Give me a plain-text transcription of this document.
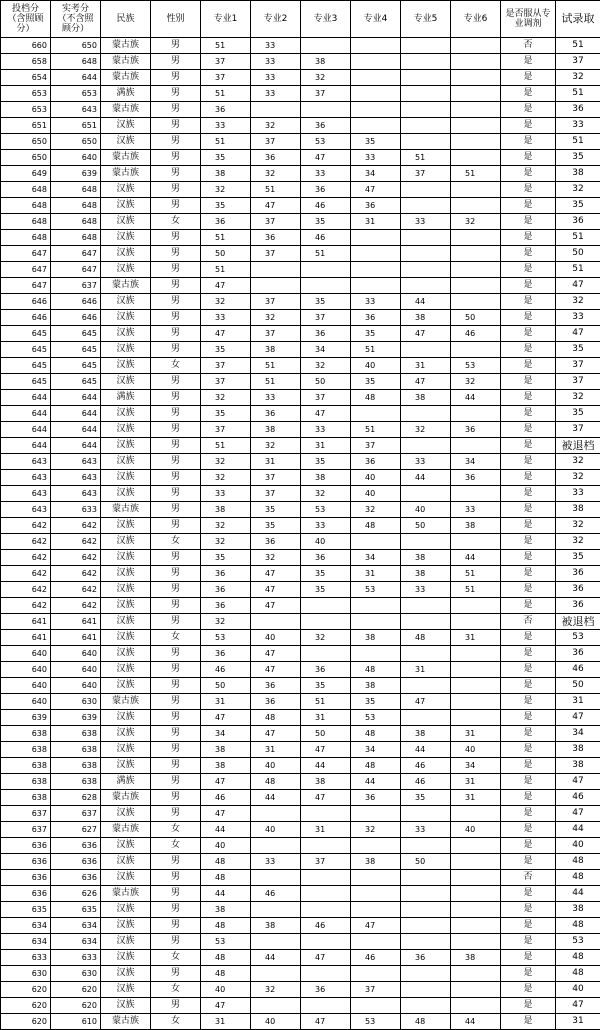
投档分（含照顾分）	实考分（不含照顾分）	民族	性别	专业1	专业2	专业3	专业4	专业5	专业6	是否服从专业调剂	试录取
660	650	蒙古族	男	51	33					否	51
658	648	蒙古族	男	37	33	38				是	37
654	644	蒙古族	男	37	33	32				是	32
653	653	满族	男	51	33	37				是	51
653	643	蒙古族	男	36						是	36
651	651	汉族	男	33	32	36				是	33
650	650	汉族	男	51	37	53	35			是	51
650	640	蒙古族	男	35	36	47	33	51		是	35
649	639	蒙古族	男	38	32	33	34	37	51	是	38
648	648	汉族	男	32	51	36	47			是	32
648	648	汉族	男	35	47	46	36			是	35
648	648	汉族	女	36	37	35	31	33	32	是	36
648	648	汉族	男	51	36	46				是	51
647	647	汉族	男	50	37	51				是	50
647	647	汉族	男	51						是	51
647	637	蒙古族	男	47						是	47
646	646	汉族	男	32	37	35	33	44		是	32
646	646	汉族	男	33	32	37	36	38	50	是	33
645	645	汉族	男	47	37	36	35	47	46	是	47
645	645	汉族	男	35	38	34	51			是	35
645	645	汉族	女	37	51	32	40	31	53	是	37
645	645	汉族	男	37	51	50	35	47	32	是	37
644	644	满族	男	32	33	37	48	38	44	是	32
644	644	汉族	男	35	36	47				是	35
644	644	汉族	男	37	38	33	51	32	36	是	37
644	644	汉族	男	51	32	31	37			是	被退档
643	643	汉族	男	32	31	35	36	33	34	是	32
643	643	汉族	男	32	37	38	40	44	36	是	32
643	643	汉族	男	33	37	32	40			是	33
643	633	蒙古族	男	38	35	53	32	40	33	是	38
642	642	汉族	男	32	35	33	48	50	38	是	32
642	642	汉族	女	32	36	40				是	32
642	642	汉族	男	35	32	36	34	38	44	是	35
642	642	汉族	男	36	47	35	31	38	51	是	36
642	642	汉族	男	36	47	35	53	33	51	是	36
642	642	汉族	男	36	47					是	36
641	641	汉族	男	32						否	被退档
641	641	汉族	女	53	40	32	38	48	31	是	53
640	640	汉族	男	36	47					是	36
640	640	汉族	男	46	47	36	48	31		是	46
640	640	汉族	男	50	36	35	38			是	50
640	630	蒙古族	男	31	36	51	35	47		是	31
639	639	汉族	男	47	48	31	53			是	47
638	638	汉族	男	34	47	50	48	38	31	是	34
638	638	汉族	男	38	31	47	34	44	40	是	38
638	638	汉族	男	38	40	44	48	46	34	是	38
638	638	满族	男	47	48	38	44	46	31	是	47
638	628	蒙古族	男	46	44	47	36	35	31	是	46
637	637	汉族	男	47						是	47
637	627	蒙古族	女	44	40	31	32	33	40	是	44
636	636	汉族	女	40						是	40
636	636	汉族	男	48	33	37	38	50		是	48
636	636	汉族	男	48						否	48
636	626	蒙古族	男	44	46					是	44
635	635	汉族	男	38						是	38
634	634	汉族	男	48	38	46	47			是	48
634	634	汉族	男	53						是	53
633	633	汉族	女	48	44	47	46	36	38	是	48
630	630	汉族	男	48						是	48
620	620	汉族	女	40	32	36	37			是	40
620	620	汉族	男	47						是	47
620	610	蒙古族	女	31	40	47	53	48	44	是	31
